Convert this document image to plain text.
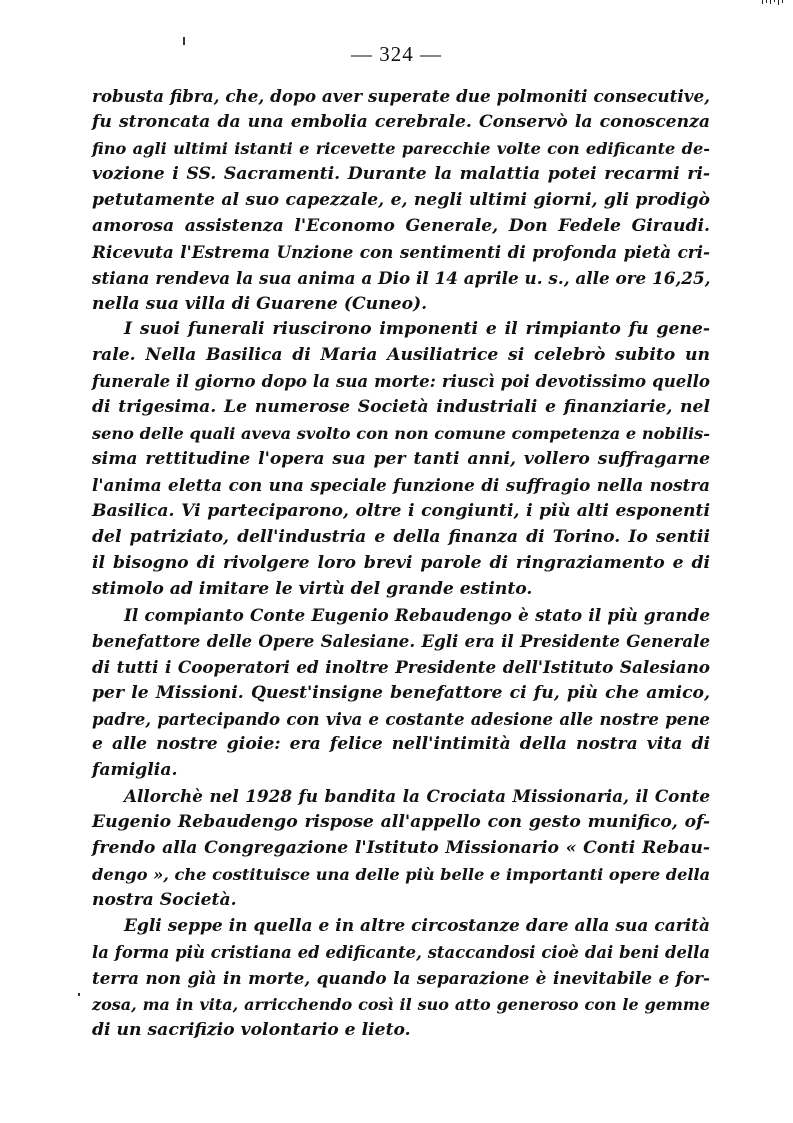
— 324 —
robusta fibra, che, dopo aver superate due polmoniti consecutive,
fu stroncata da una embolia cerebrale. Conservò la conoscenza
fino agli ultimi istanti e ricevette parecchie volte con edificante de-
vozione i SS. Sacramenti. Durante la malattia potei recarmi ri-
petutamente al suo capezzale, e, negli ultimi giorni, gli prodigò
amorosa assistenza l'Economo Generale, Don Fedele Giraudi.
Ricevuta l'Estrema Unzione con sentimenti di profonda pietà cri-
stiana rendeva la sua anima a Dio il 14 aprile u. s., alle ore 16,25,
nella sua villa di Guarene (Cuneo).
I suoi funerali riuscirono imponenti e il rimpianto fu gene-
rale. Nella Basilica di Maria Ausiliatrice si celebrò subito un
funerale il giorno dopo la sua morte: riuscì poi devotissimo quello
di trigesima. Le numerose Società industriali e finanziarie, nel
seno delle quali aveva svolto con non comune competenza e nobilis-
sima rettitudine l'opera sua per tanti anni, vollero suffragarne
l'anima eletta con una speciale funzione di suffragio nella nostra
Basilica. Vi parteciparono, oltre i congiunti, i più alti esponenti
del patriziato, dell'industria e della finanza di Torino. Io sentii
il bisogno di rivolgere loro brevi parole di ringraziamento e di
stimolo ad imitare le virtù del grande estinto.
Il compianto Conte Eugenio Rebaudengo è stato il più grande
benefattore delle Opere Salesiane. Egli era il Presidente Generale
di tutti i Cooperatori ed inoltre Presidente dell'Istituto Salesiano
per le Missioni. Quest'insigne benefattore ci fu, più che amico,
padre, partecipando con viva e costante adesione alle nostre pene
e alle nostre gioie: era felice nell'intimità della nostra vita di
famiglia.
Allorchè nel 1928 fu bandita la Crociata Missionaria, il Conte
Eugenio Rebaudengo rispose all'appello con gesto munifico, of-
frendo alla Congregazione l'Istituto Missionario « Conti Rebau-
dengo », che costituisce una delle più belle e importanti opere della
nostra Società.
Egli seppe in quella e in altre circostanze dare alla sua carità
la forma più cristiana ed edificante, staccandosi cioè dai beni della
terra non già in morte, quando la separazione è inevitabile e for-
zosa, ma in vita, arricchendo così il suo atto generoso con le gemme
di un sacrifizio volontario e lieto.
